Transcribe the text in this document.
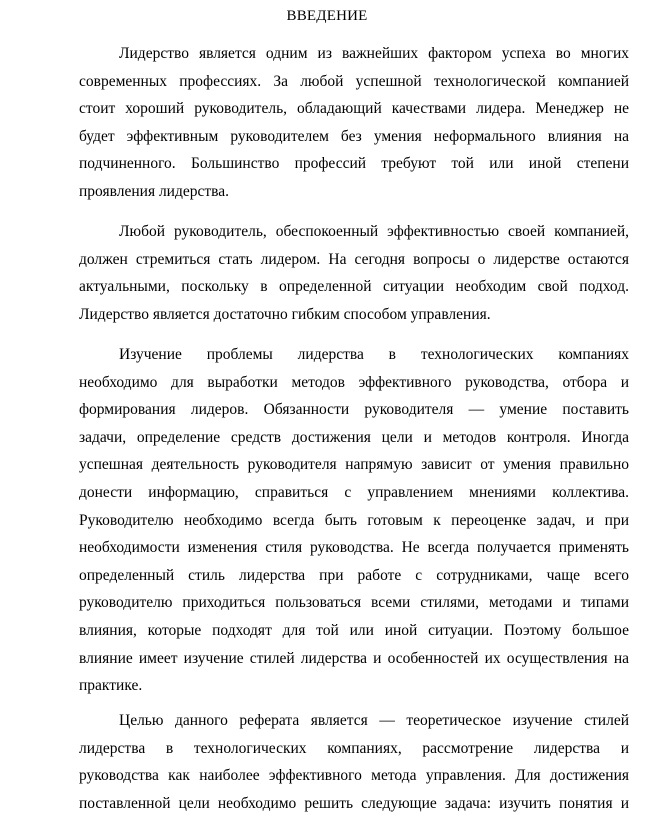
ВВЕДЕНИЕ
Лидерство является одним из важнейших фактором успеха во многих
современных профессиях. За любой успешной технологической компанией
стоит хороший руководитель, обладающий качествами лидера. Менеджер не
будет эффективным руководителем без умения неформального влияния на
подчиненного. Большинство профессий требуют той или иной степени
проявления лидерства.
Любой руководитель, обеспокоенный эффективностью своей компанией,
должен стремиться стать лидером. На сегодня вопросы о лидерстве остаются
актуальными, поскольку в определенной ситуации необходим свой подход.
Лидерство является достаточно гибким способом управления.
Изучение проблемы лидерства в технологических компаниях
необходимо для выработки методов эффективного руководства, отбора и
формирования лидеров. Обязанности руководителя — умение поставить
задачи, определение средств достижения цели и методов контроля. Иногда
успешная деятельность руководителя напрямую зависит от умения правильно
донести информацию, справиться с управлением мнениями коллектива.
Руководителю необходимо всегда быть готовым к переоценке задач, и при
необходимости изменения стиля руководства. Не всегда получается применять
определенный стиль лидерства при работе с сотрудниками, чаще всего
руководителю приходиться пользоваться всеми стилями, методами и типами
влияния, которые подходят для той или иной ситуации. Поэтому большое
влияние имеет изучение стилей лидерства и особенностей их осуществления на
практике.
Целью данного реферата является — теоретическое изучение стилей
лидерства в технологических компаниях, рассмотрение лидерства и
руководства как наиболее эффективного метода управления. Для достижения
поставленной цели необходимо решить следующие задача: изучить понятия и
